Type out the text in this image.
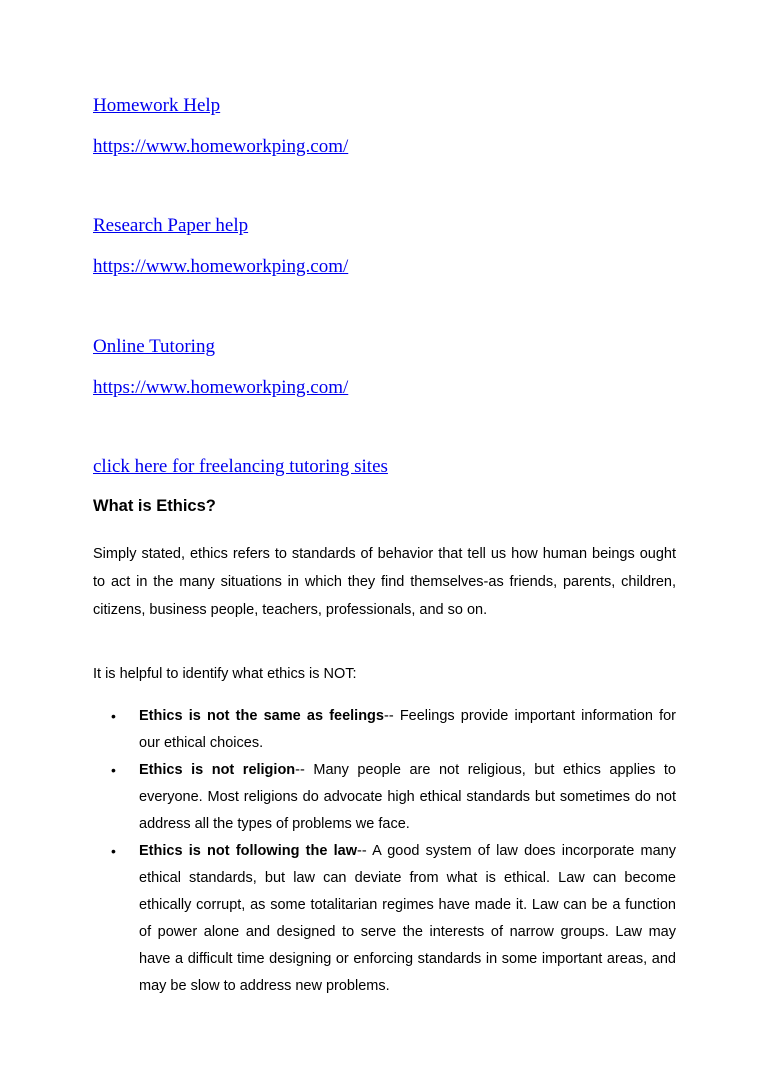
Homework Help
https://www.homeworkping.com/
Research Paper help
https://www.homeworkping.com/
Online Tutoring
https://www.homeworkping.com/
click here for freelancing tutoring sites
What is Ethics?
Simply stated, ethics refers to standards of behavior that tell us how human beings ought to act in the many situations in which they find themselves-as friends, parents, children, citizens, business people, teachers, professionals, and so on.
It is helpful to identify what ethics is NOT:
• Ethics is not the same as feelings-- Feelings provide important information for our ethical choices.
• Ethics is not religion-- Many people are not religious, but ethics applies to everyone. Most religions do advocate high ethical standards but sometimes do not address all the types of problems we face.
• Ethics is not following the law-- A good system of law does incorporate many ethical standards, but law can deviate from what is ethical. Law can become ethically corrupt, as some totalitarian regimes have made it. Law can be a function of power alone and designed to serve the interests of narrow groups. Law may have a difficult time designing or enforcing standards in some important areas, and may be slow to address new problems.
